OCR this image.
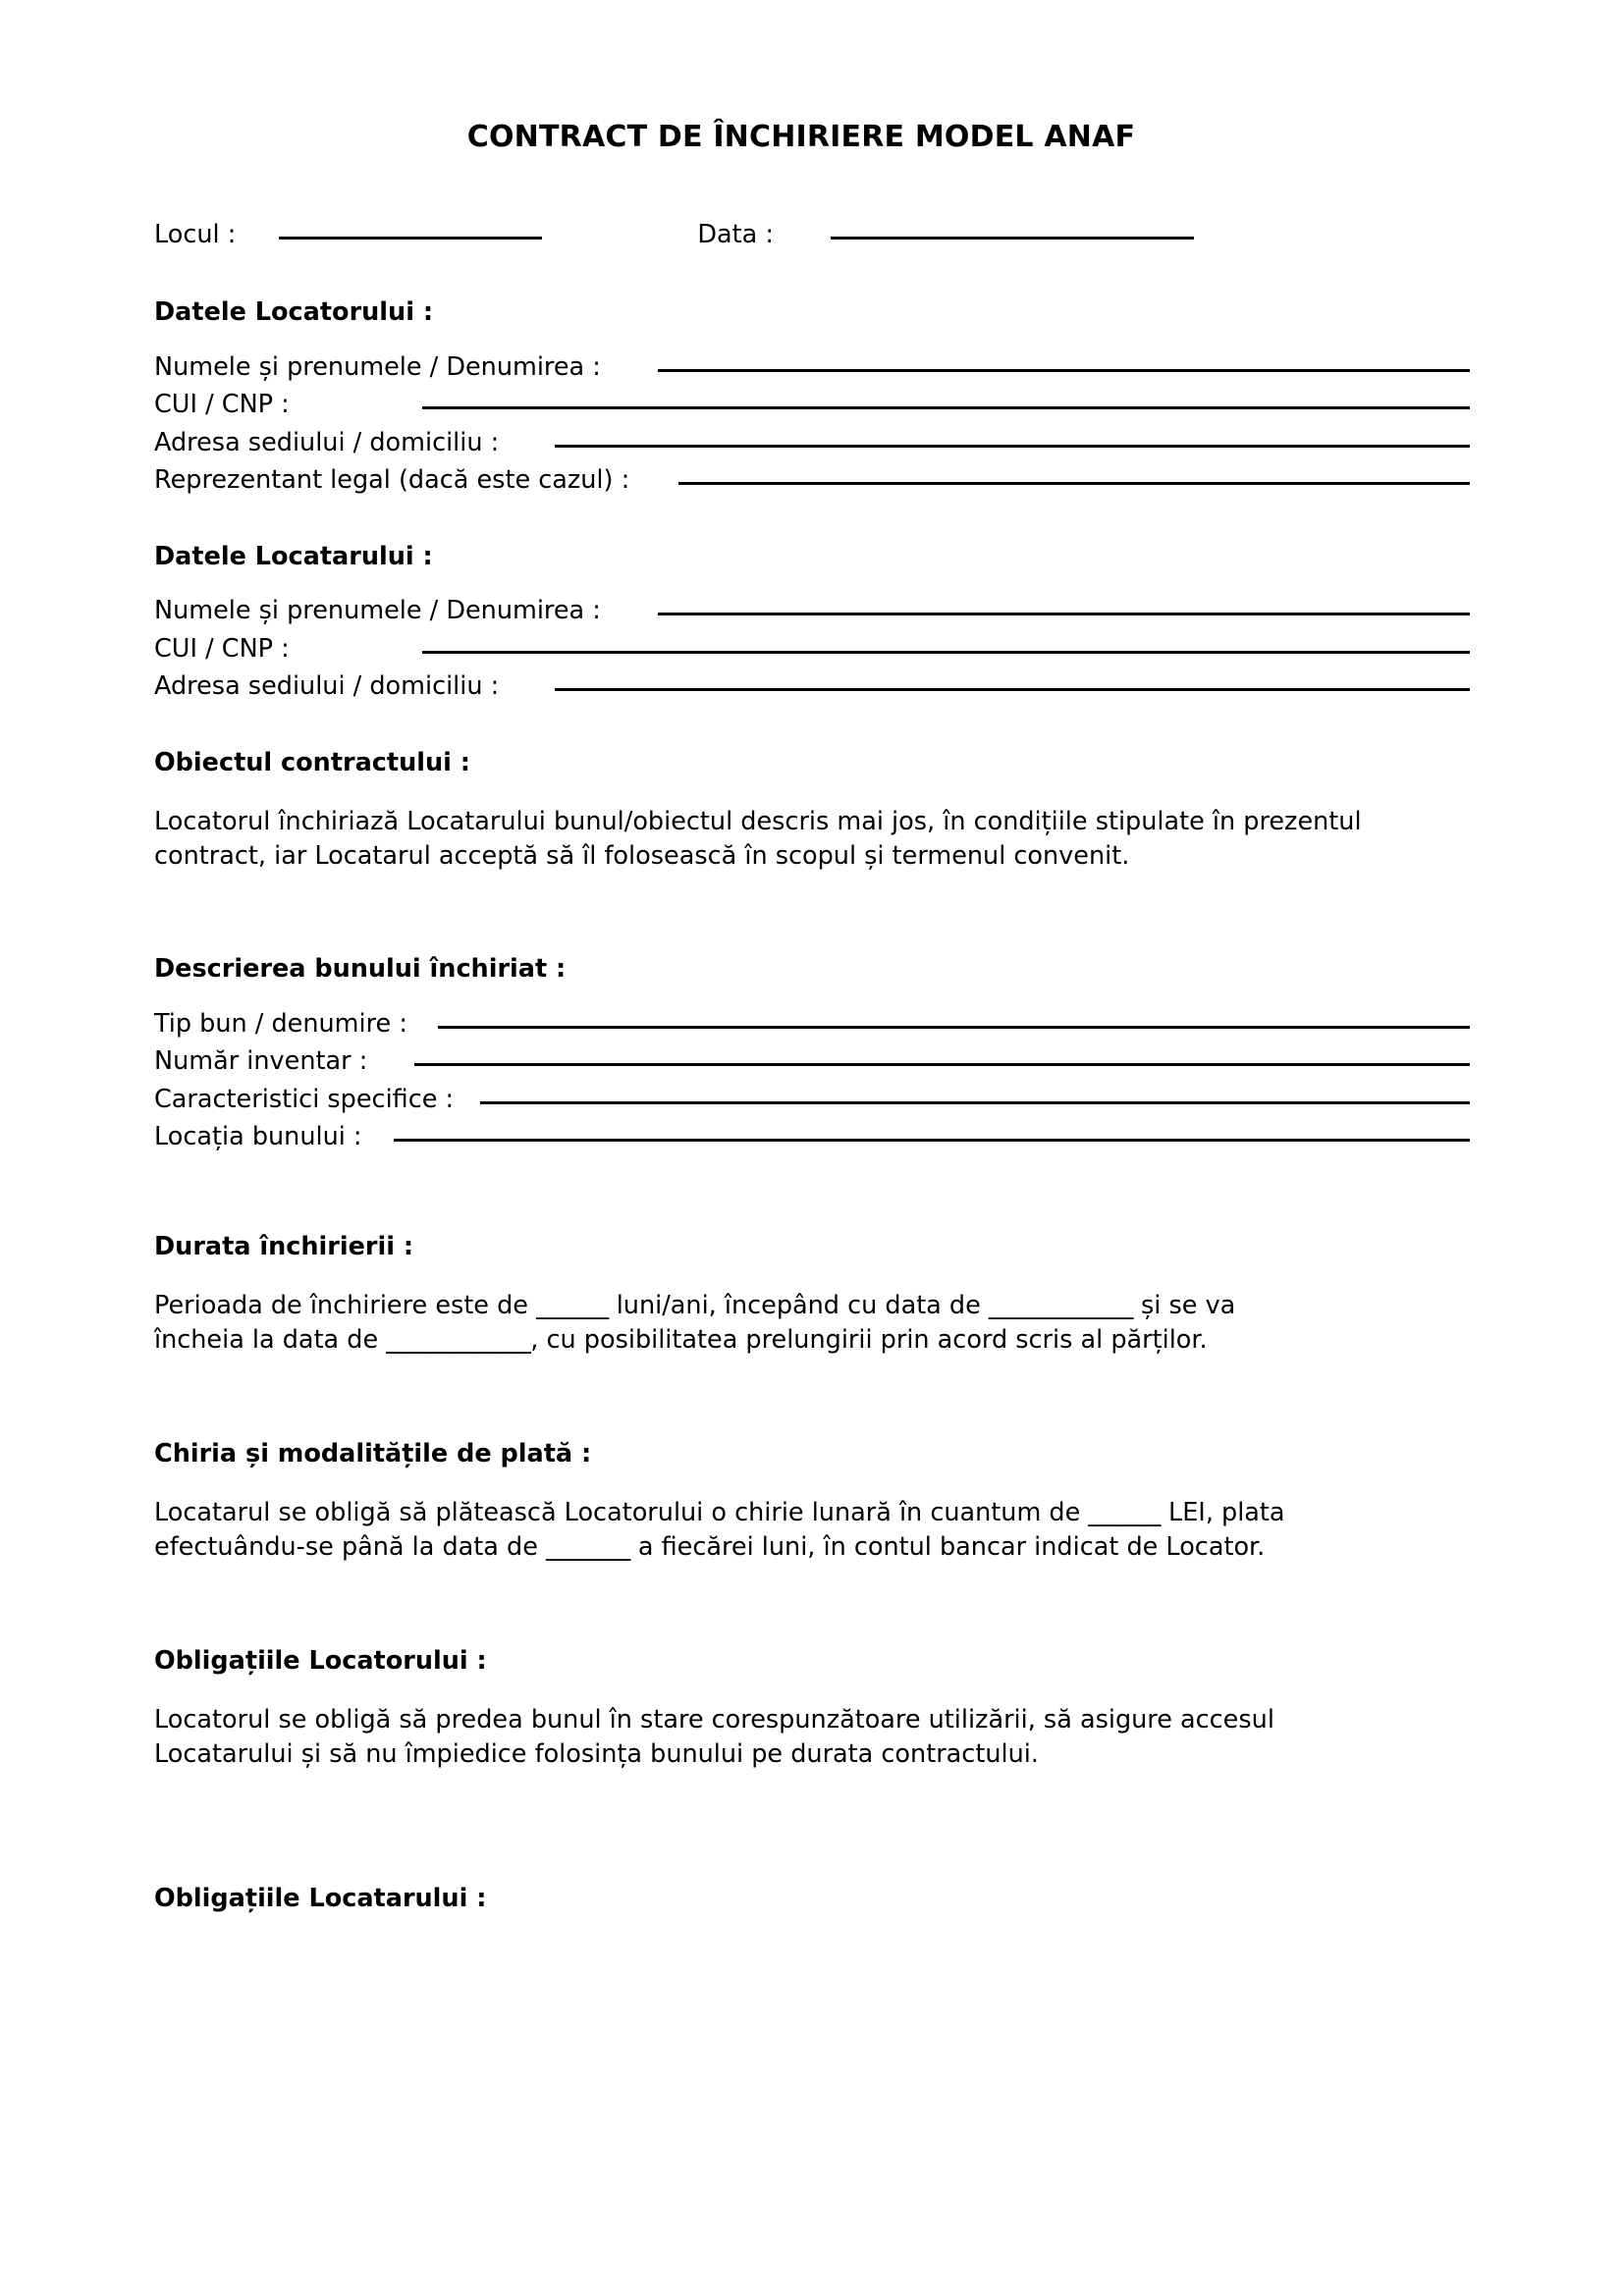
CONTRACT DE ÎNCHIRIERE MODEL ANAF
Locul :	Data :
Datele Locatorului :
Numele și prenumele / Denumirea :
CUI / CNP :
Adresa sediului / domiciliu :
Reprezentant legal (dacă este cazul) :
Datele Locatarului :
Numele și prenumele / Denumirea :
CUI / CNP :
Adresa sediului / domiciliu :
Obiectul contractului :

Locatorul închiriază Locatarului bunul/obiectul descris mai jos, în condițiile stipulate în prezentul contract, iar Locatarul acceptă să îl folosească în scopul și termenul convenit.

Descrierea bunului închiriat :
Tip bun / denumire :
Număr inventar :
Caracteristici specifice :
Locația bunului :
Durata închirierii :

Perioada de închiriere este de ______ luni/ani, începând cu data de ____________ și se va
încheia la data de ____________, cu posibilitatea prelungirii prin acord scris al părților.

Chiria și modalitățile de plată :

Locatarul se obligă să plătească Locatorului o chirie lunară în cuantum de ______ LEI, plata
efectuându-se până la data de _______ a fiecărei luni, în contul bancar indicat de Locator.

Obligațiile Locatorului :

Locatorul se obligă să predea bunul în stare corespunzătoare utilizării, să asigure accesul Locatarului și să nu împiedice folosința bunului pe durata contractului.

Obligațiile Locatarului :
